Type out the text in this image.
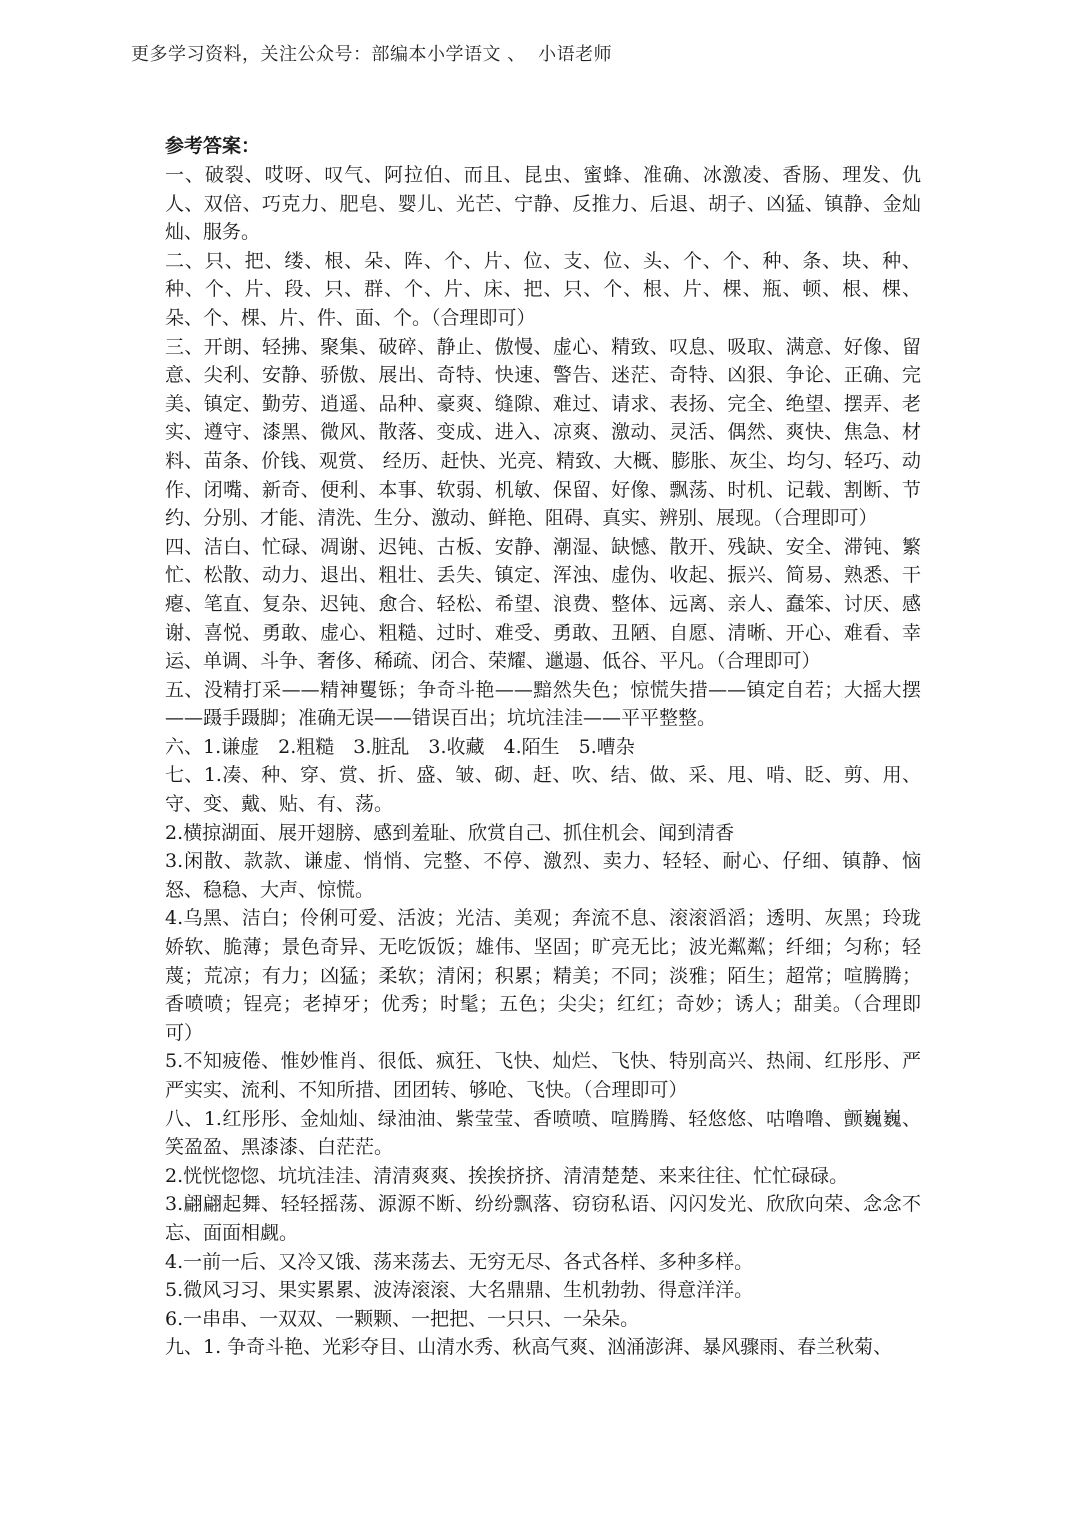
更多学习资料，关注公众号：部编本小学语文 、  小语老师
参考答案：
一、破裂、哎呀、叹气、阿拉伯、而且、昆虫、蜜蜂、准确、冰激凌、香肠、理发、仇人、双倍、巧克力、肥皂、婴儿、光芒、宁静、反推力、后退、胡子、凶猛、镇静、金灿灿、服务。
二、只、把、缕、根、朵、阵、个、片、位、支、位、头、个、个、种、条、块、种、种、个、片、段、只、群、个、片、床、把、只、个、根、片、棵、瓶、顿、根、棵、朵、个、棵、片、件、面、个。（合理即可）
三、开朗、轻拂、聚集、破碎、静止、傲慢、虚心、精致、叹息、吸取、满意、好像、留意、尖利、安静、骄傲、展出、奇特、快速、警告、迷茫、奇特、凶狠、争论、正确、完美、镇定、勤劳、逍遥、品种、豪爽、缝隙、难过、请求、表扬、完全、绝望、摆弄、老实、遵守、漆黑、微风、散落、变成、进入、凉爽、激动、灵活、偶然、爽快、焦急、材料、苗条、价钱、观赏、 经历、赶快、光亮、精致、大概、膨胀、灰尘、均匀、轻巧、动作、闭嘴、新奇、便利、本事、软弱、机敏、保留、好像、飘荡、时机、记载、割断、节约、分别、才能、清洗、生分、激动、鲜艳、阻碍、真实、辨别、展现。（合理即可）
四、洁白、忙碌、凋谢、迟钝、古板、安静、潮湿、缺憾、散开、残缺、安全、滞钝、繁忙、松散、动力、退出、粗壮、丢失、镇定、浑浊、虚伪、收起、振兴、简易、熟悉、干瘪、笔直、复杂、迟钝、愈合、轻松、希望、浪费、整体、远离、亲人、蠢笨、讨厌、感谢、喜悦、勇敢、虚心、粗糙、过时、难受、勇敢、丑陋、自愿、清晰、开心、难看、幸运、单调、斗争、奢侈、稀疏、闭合、荣耀、邋遢、低谷、平凡。（合理即可）
五、没精打采——精神矍铄；争奇斗艳——黯然失色；惊慌失措——镇定自若；大摇大摆——蹑手蹑脚；准确无误——错误百出；坑坑洼洼——平平整整。
六、1.谦虚　2.粗糙　3.脏乱　3.收藏　4.陌生　5.嘈杂
七、1.凑、种、穿、赏、折、盛、皱、砌、赶、吹、结、做、采、甩、啃、眨、剪、用、守、变、戴、贴、有、荡。
2.横掠湖面、展开翅膀、感到羞耻、欣赏自己、抓住机会、闻到清香
3.闲散、款款、谦虚、悄悄、完整、不停、激烈、卖力、轻轻、耐心、仔细、镇静、恼怒、稳稳、大声、惊慌。
4.乌黑、洁白；伶俐可爱、活波；光洁、美观；奔流不息、滚滚滔滔；透明、灰黑；玲珑娇软、脆薄；景色奇异、无吃饭饭；雄伟、坚固；旷亮无比；波光粼粼；纤细；匀称；轻蔑；荒凉；有力；凶猛；柔软；清闲；积累；精美；不同；淡雅；陌生；超常；喧腾腾；香喷喷；锃亮；老掉牙；优秀；时髦；五色；尖尖；红红；奇妙；诱人；甜美。（合理即可）
5.不知疲倦、惟妙惟肖、很低、疯狂、飞快、灿烂、飞快、特别高兴、热闹、红彤彤、严严实实、流利、不知所措、团团转、够呛、飞快。（合理即可）
八、1.红彤彤、金灿灿、绿油油、紫莹莹、香喷喷、喧腾腾、轻悠悠、咕噜噜、颤巍巍、笑盈盈、黑漆漆、白茫茫。
2.恍恍惚惚、坑坑洼洼、清清爽爽、挨挨挤挤、清清楚楚、来来往往、忙忙碌碌。
3.翩翩起舞、轻轻摇荡、源源不断、纷纷飘落、窃窃私语、闪闪发光、欣欣向荣、念念不忘、面面相觑。
4.一前一后、又冷又饿、荡来荡去、无穷无尽、各式各样、多种多样。
5.微风习习、果实累累、波涛滚滚、大名鼎鼎、生机勃勃、得意洋洋。
6.一串串、一双双、一颗颗、一把把、一只只、一朵朵。
九、1. 争奇斗艳、光彩夺目、山清水秀、秋高气爽、汹涌澎湃、暴风骤雨、春兰秋菊、
